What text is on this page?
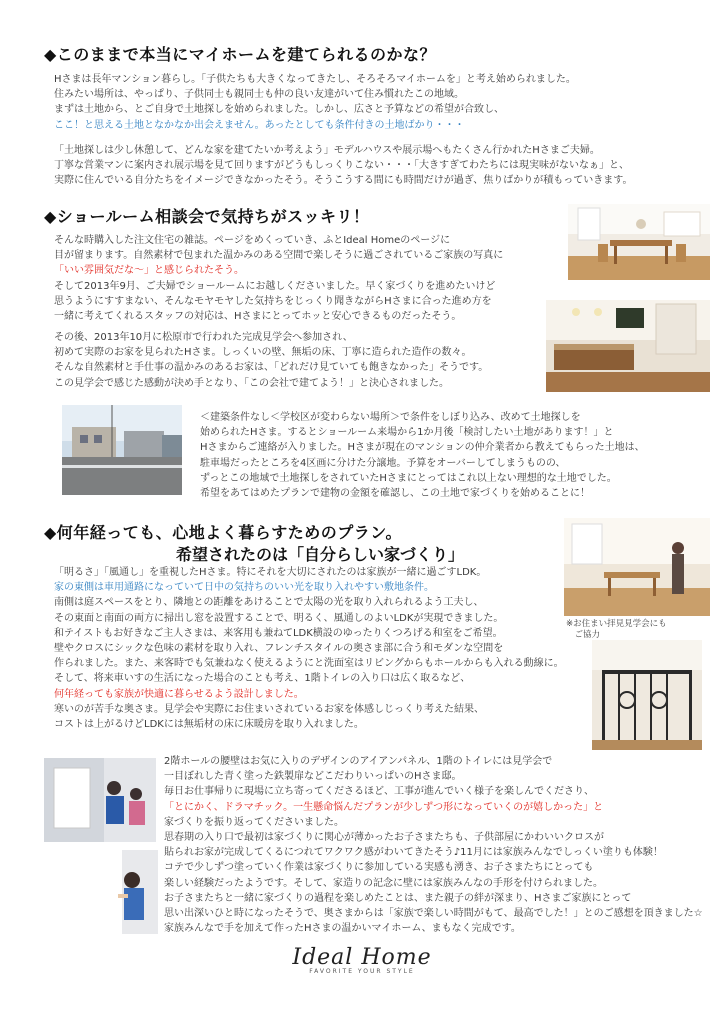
◆このままで本当にマイホームを建てられるのかな？
Hさまは長年マンション暮らし。「子供たちも大きくなってきたし、そろそろマイホームを」と考え始められました。
住みたい場所は、やっぱり、子供同士も親同士も仲の良い友達がいて住み慣れたこの地域。
まずは土地から、とご自身で土地探しを始められました。しかし、広さと予算などの希望が合致し、
ここ！と思える土地となかなか出会えません。あったとしても条件付きの土地ばかり・・・
「土地探しは少し休憩して、どんな家を建てたいか考えよう」モデルハウスや展示場へもたくさん行かれたHさまご夫婦。
丁寧な営業マンに案内され展示場を見て回りますがどうもしっくりこない・・・「大きすぎてわたちには現実味がないなぁ」と、
実際に住んでいる自分たちをイメージできなかったそう。そうこうする間にも時間だけが過ぎ、焦りばかりが積もっていきます。
◆ショールーム相談会で気持ちがスッキリ！
そんな時購入した注文住宅の雑誌。ページをめくっていき、ふとIdeal Homeのページに
目が留まります。自然素材で包まれた温かみのある空間で楽しそうに過ごされているご家族の写真に
「いい雰囲気だな〜」と感じられたそう。
そして2013年9月、ご夫婦でショールームにお越しくださいました。早く家づくりを進めたいけど
思うようにすすまない、そんなモヤモヤした気持ちをじっくり聞きながらHさまに合った進め方を
一緒に考えてくれるスタッフの対応は、Hさまにとってホッと安心できるものだったそう。
その後、2013年10月に松原市で行われた完成見学会へ参加され、
初めて実際のお家を見られたHさま。しっくいの壁、無垢の床、丁寧に造られた造作の数々。
そんな自然素材と手仕事の温かみのあるお家は、「どれだけ見ていても飽きなかった」そうです。
この見学会で感じた感動が決め手となり、「この会社で建てよう！」と決心されました。
＜建築条件なし＜学校区が変わらない場所＞で条件をしぼり込み、改めて土地探しを
始められたHさま。するとショールーム来場から1か月後「検討したい土地があります！」と
Hさまからご連絡が入りました。Hさまが現在のマンションの仲介業者から教えてもらった土地は、
駐車場だったところを4区画に分けた分譲地。予算をオーバーしてしまうものの、
ずっとこの地域で土地探しをされていたHさまにとってはこれ以上ない理想的な土地でした。
希望をあてはめたプランで建物の金額を確認し、この土地で家づくりを始めることに！
◆何年経っても、心地よく暮らすためのプラン。
希望されたのは「自分らしい家づくり」
※お住まい拝見見学会にも
　ご協力
「明るさ」「風通し」を重視したHさま。特にそれを大切にされたのは家族が一緒に過ごすLDK。
家の東側は車用通路になっていて日中の気持ちのいい光を取り入れやすい敷地条件。
南側は庭スペースをとり、隣地との距離をあけることで太陽の光を取り入れられるよう工夫し、
その東面と南面の両方に掃出し窓を設置することで、明るく、風通しのよいLDKが実現できました。
和テイストもお好きなご主人さまは、来客用も兼ねてLDK横設のゆったりくつろげる和室をご希望。
壁やクロスにシックな色味の素材を取り入れ、フレンチスタイルの奥さま部に合う和モダンな空間を
作られました。また、来客時でも気兼ねなく使えるようにと洗面室はリビングからもホールからも入れる動線に。
そして、将来車いすの生活になった場合のことも考え、1階トイレの入り口は広く取るなど、
何年経っても家族が快適に暮らせるよう設計しました。
寒いのが苦手な奥さま。見学会や実際にお住まいされているお家を体感しじっくり考えた結果、
コストは上がるけどLDKには無垢材の床に床暖房を取り入れました。
2階ホールの腰壁はお気に入りのデザインのアイアンパネル、1階のトイレには見学会で
一目ぼれした青く塗った鉄製扉などこだわりいっぱいのHさま邸。
毎日お仕事帰りに現場に立ち寄ってくださるほど、工事が進んでいく様子を楽しんでくださり、
「とにかく、ドラマチック。一生懸命悩んだプランが少しずつ形になっていくのが嬉しかった」と
家づくりを振り返ってくださいました。
思春期の入り口で最初は家づくりに関心が薄かったお子さまたちも、子供部屋にかわいいクロスが
貼られお家が完成してくるにつれてワクワク感がわいてきたそう♪11月には家族みんなでしっくい塗りも体験！
コテで少しずつ塗っていく作業は家づくりに参加している実感も湧き、お子さまたちにとっても
楽しい経験だったようです。そして、家造りの記念に壁には家族みんなの手形を付けられました。
お子さまたちと一緒に家づくりの過程を楽しめたことは、また親子の絆が深まり、Hさまご家族にとって
思い出深いひと時になったそうで、奥さまからは「家族で楽しい時間がもて、最高でした！」とのご感想を頂きました☆
家族みんなで手を加えて作ったHさまの温かいマイホーム、まもなく完成です。
Ideal Home
FAVORITE YOUR STYLE
